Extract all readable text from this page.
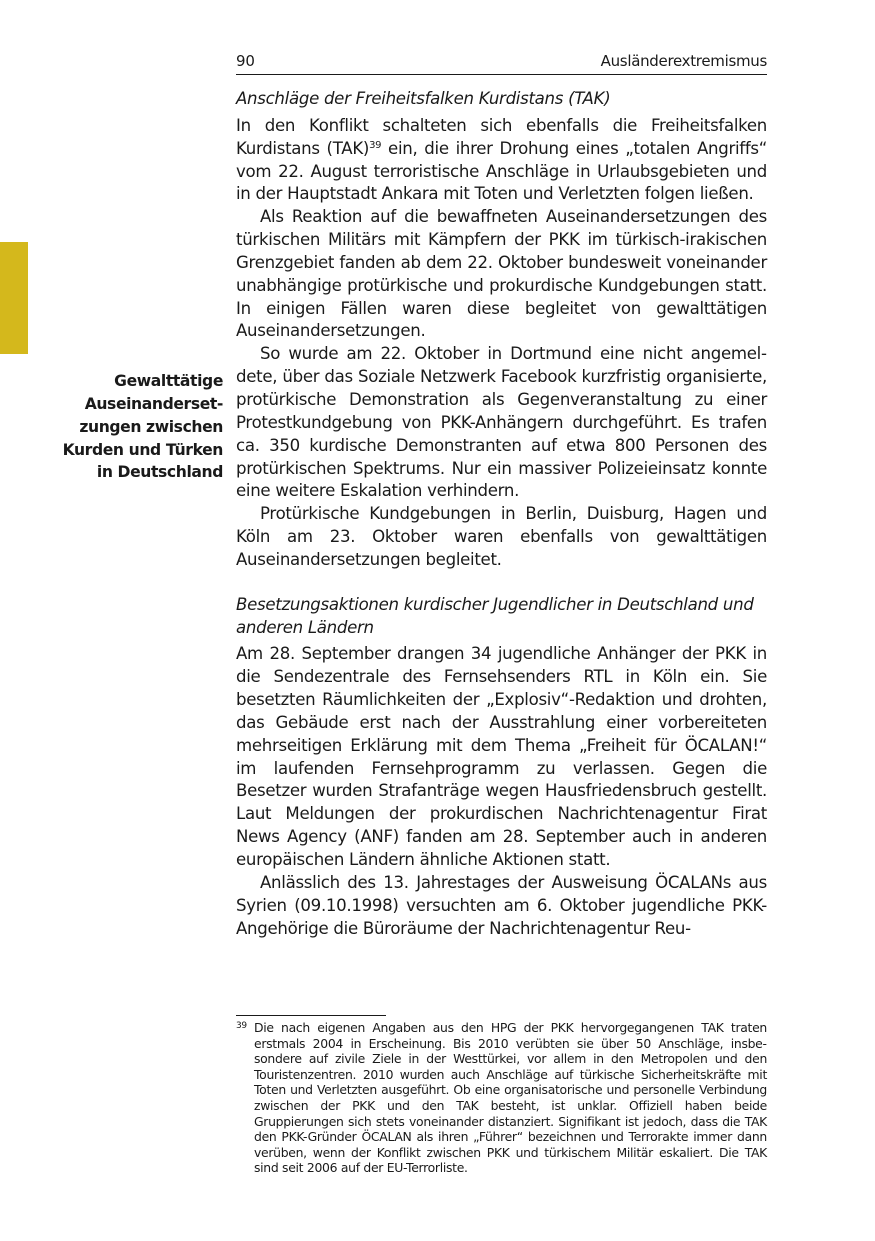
90	Ausländerextremismus
Gewalttätige
Auseinanderset-
zungen zwischen
Kurden und Türken
in Deutschland

Anschläge der Freiheitsfalken Kurdistans (TAK)

In den Konflikt schalteten sich ebenfalls die Freiheitsfalken Kurdistans (TAK)$^{39}$ ein, die ihrer Drohung eines „totalen Angriffs“ vom 22. August terroristische Anschläge in Urlaubsgebieten und in der Hauptstadt Ankara mit Toten und Verletzten folgen ließen.

Als Reaktion auf die bewaffneten Auseinandersetzungen des türkischen Militärs mit Kämpfern der PKK im türkisch-irakischen Grenzgebiet fanden ab dem 22. Oktober bundesweit voneinander unabhängige protürkische und prokurdische Kundgebungen statt. In einigen Fällen waren diese begleitet von gewalttätigen Auseinandersetzungen.

So wurde am 22. Oktober in Dortmund eine nicht angemeldete, über das Soziale Netzwerk Facebook kurzfristig organisierte, protürkische Demonstration als Gegenveranstaltung zu einer Protestkundgebung von PKK-Anhängern durchgeführt. Es trafen ca. 350 kurdische Demonstranten auf etwa 800 Personen des protürkischen Spektrums. Nur ein massiver Polizeieinsatz konnte eine weitere Eskalation verhindern.

Protürkische Kundgebungen in Berlin, Duisburg, Hagen und Köln am 23. Oktober waren ebenfalls von gewalttätigen Auseinandersetzungen begleitet.

Besetzungsaktionen kurdischer Jugendlicher in Deutschland und anderen Ländern

Am 28. September drangen 34 jugendliche Anhänger der PKK in die Sendezentrale des Fernsehsenders RTL in Köln ein. Sie besetzten Räumlichkeiten der „Explosiv“-Redaktion und drohten, das Gebäude erst nach der Ausstrahlung einer vorbereiteten mehrseitigen Erklärung mit dem Thema „Freiheit für ÖCALAN!“ im laufenden Fernsehprogramm zu verlassen. Gegen die Besetzer wurden Strafanträge wegen Hausfriedensbruch gestellt. Laut Meldungen der prokurdischen Nachrichtenagentur Firat News Agency (ANF) fanden am 28. September auch in anderen europäischen Ländern ähnliche Aktionen statt.

Anlässlich des 13. Jahrestages der Ausweisung ÖCALANs aus Syrien (09.10.1998) versuchten am 6. Oktober jugendliche PKK-Angehörige die Büroräume der Nachrichtenagentur Reu-

39 Die nach eigenen Angaben aus den HPG der PKK hervorgegangenen TAK traten erstmals 2004 in Erscheinung. Bis 2010 verübten sie über 50 Anschläge, insbesondere auf zivile Ziele in der Westtürkei, vor allem in den Metropolen und den Touristenzentren. 2010 wurden auch Anschläge auf türkische Sicherheitskräfte mit Toten und Verletzten ausgeführt. Ob eine organisatorische und personelle Verbindung zwischen der PKK und den TAK besteht, ist unklar. Offiziell haben beide Gruppierungen sich stets voneinander distanziert. Signifikant ist jedoch, dass die TAK den PKK-Gründer ÖCALAN als ihren „Führer“ bezeichnen und Terrorakte immer dann verüben, wenn der Konflikt zwischen PKK und türkischem Militär eskaliert. Die TAK sind seit 2006 auf der EU-Terrorliste.
